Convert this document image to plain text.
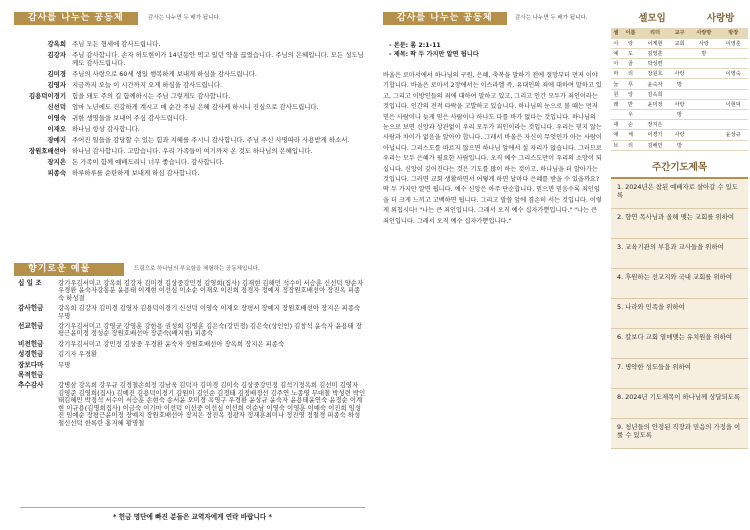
감사를 나누는 공동체	감사는 나누면 두 배가 됩니다.
강옥희 주님 모든 형세에 감사드립니다.
김강자 주님 감사합니다. 손자 허도현이가 14년동안 먹고 있던 약을 끊었습니다. 주님의 은혜입니다. 모든 성도님께도 감사드립니다.
김미경 주님의 사랑으로 60세 생일 행복하게 보내게 하심을 감사드립니다.
김영자 지금까지 오늘 이 시간까지 오게 하심을 감사드립니다.
김용덕이경기 힘을 돼도 주의 길 함께하시는 주님 그렇게도 감사합니다.
신선덕 엄마 노년에도 건강하게 계시고 매 순간 주님 은혜 감사케 하시니 진심으로 감사드립니다.
이영숙 귀한 생명들을 보내어 주심 감사드립니다.
이재오 하나님 항상 감사합니다.
장예지 주어진 일들을 감당할 수 있는 힘과 지혜를 주시니 감사합니다. 주님 주신 사명따라 사용받게 하소서.
장원호배선아 하나님 감사합니다. 고맙습니다. 우리 가족들이 여기까지 온 것도 하나님의 은혜입니다.
장지은 돈 가족이 함께 예배드리니 너무 좋습니다. 감사합니다.
피종숙 하루하루를 순탄하게 보내게 하심 감사합니다.
향기로운 예물	드림으로 하나님의 부요함을 체험하는 공동체입니다.
십 일 조	강기우김서미고 강옥희 김강자 김미경 김상중강민정 김영희(집사) 김재현 김해민 석수이 서승훈 신선덕 양순자 우경환 윤숙자강홍분 윤용태 이계현 이선심 이소순 이재오 이진희 정경자 정예지 정장원호배선아 장진옥 피종숙 하성결
감사헌금	강옥희 김강자 김미경 김영자 김용덕이경기 신선덕 이영숙 이재오 장평서 장예지 장원호배선아 장지은 피종숙 무명
선교헌금	강기우김서미고 강영균 강영훈 강한용 권성희 김영훈 김은숙(강민정) 김은숙(상인인) 김창석 윤숙자 윤용태 장평근윤미정 정성순 장원호배선아 장준숙(배지현) 피종숙
비전헌금	강기우김서미고 강민정 김상중 우경환 윤숙자 장원호배선아 장옥희 장지은 피종숙
성경헌금	김기자 우경환
장보다마	무명
목적헌금
추수감사	강병삼 강옥희 강우규 김경철손희정 김남욱 김덕자 김미경 김미숙 김상중강민정 김석기정옥희 김선미 김영자 김영준 김영희(집사) 김예진 김용덕이경기 김원미 김인순 김정태 김정배정선 김주연 노종영 무대철 박성련 박인태김혜민 박정석 서수이 서승훈 손현숙 송서윤 오미경 옥영구 우경환 윤상규 윤숙자 윤용태윤연숙 윤정순 이계현 이규용(김명희집사) 이금숙 이기마 이선덕 이선중 이선심 이선희 이순남 이영숙 이영훈 이예숙 이진희 임성진 임예순 장평근윤미정 장예지 장원호배선아 장지은 장진옥 정광자 정재훈최미나 정진영 정철경 피종숙 하성철신선덕 한록란 홍지혜 황명철
* 헌금 명단에 빠진 분들은 교역자에게 연락 바랍니다 *
감사를 나누는 공동체	감사는 나누면 두 배가 됩니다.
- 본문: 롬 2:1-11
- 제목: 딱 두 가지만 알면 됩니다
바울은 로마서에서 하나님의 구원, 은혜, 축복을 말하기 전에 절망부터 먼저 이야기합니다. 바울은 로마서 2장에서는 이스라엘 즉, 유대인의 죄에 대하여 말하고 있고, 그리고 이방인들의 죄에 대하여 말하고 있고, 그리고 인간 모두가 죄인이라는 것입니다. 인간의 전적 타락을 고발하고 있습니다. 하나님의 눈으로 볼 때는 먼저 믿은 사람이나 늦게 믿은 사람이나 하나도 다를 바가 없다는 것입니다. 하나님의 눈으로 보면 신앙과 상관없이 우리 모두가 죄인이라는 것입니다. 우리는 믿지 않는 사람과 차이가 없음을 알아야 합니다. 그래서 바울은 자신이 무엇인가 아는 사람이 아닙니다. 그리스도를 따르지 않으면 하나님 앞에서 설 자리가 없습니다. 그러므로 우리는 모두 은혜가 필요한 사람입니다. 오직 예수 그리스도만이 우리의 소망이 되십니다. 신앙이 깊어진다는 것은 기도를 많이 하는 것이고, 하나님을 더 알아가는 것입니다. 그러면 교회 생활하면서 어떻게 하면 날마다 은혜를 받을 수 있을까요? 딱 두 가지만 알면 됩니다. 예수 신앙은 아주 단순합니다. 믿으면 믿음수록 죄인임을 더 크게 느끼고 고백하면 됩니다. 그리고 말씀 앞에 겸손히 서는 것입니다. 이렇게 외칩시다! "나는 큰 죄인입니다. 그래서 오직 예수 십자가뿐입니다." "나는 큰 죄인입니다. 그래서 오직 예수 십자가뿐입니다."
셀모임	사랑방
셀	이름	리더	교구	사랑방	방장
사	랑	이계현	교회	사랑	이영훈
예	도	김영훈		방	
아	골	박성련			
마	리	장원호	사랑		이영숙
늘	푸	윤숙자	방		
원	앙	김옥희			
레	반	윤미정	사랑		이현덕
	우		방		
새	순	장지은			
예	체	이경기	사랑		윤상규
브	리	김해민	방		
주간기도제목
1. 2024년은 참된 예배자로 살아갈 수 있도록
2. 향연 목사님과 올해 맺는 교회를 위하여
3. 교육기관의 부흥과 교사들을 위하여
4. 후원하는 선교지와 국내 교회를 위하여
5. 나라와 민족을 위하여
6. 칼보다 교회 열매맺는 유치원을 위하여
7. 병약한 성도들을 위하여
8. 2024년 기도제목이 하나님께 상달되도록
9. 청년들의 안정된 직장과 믿음의 가정을 이룰 수 있도록
